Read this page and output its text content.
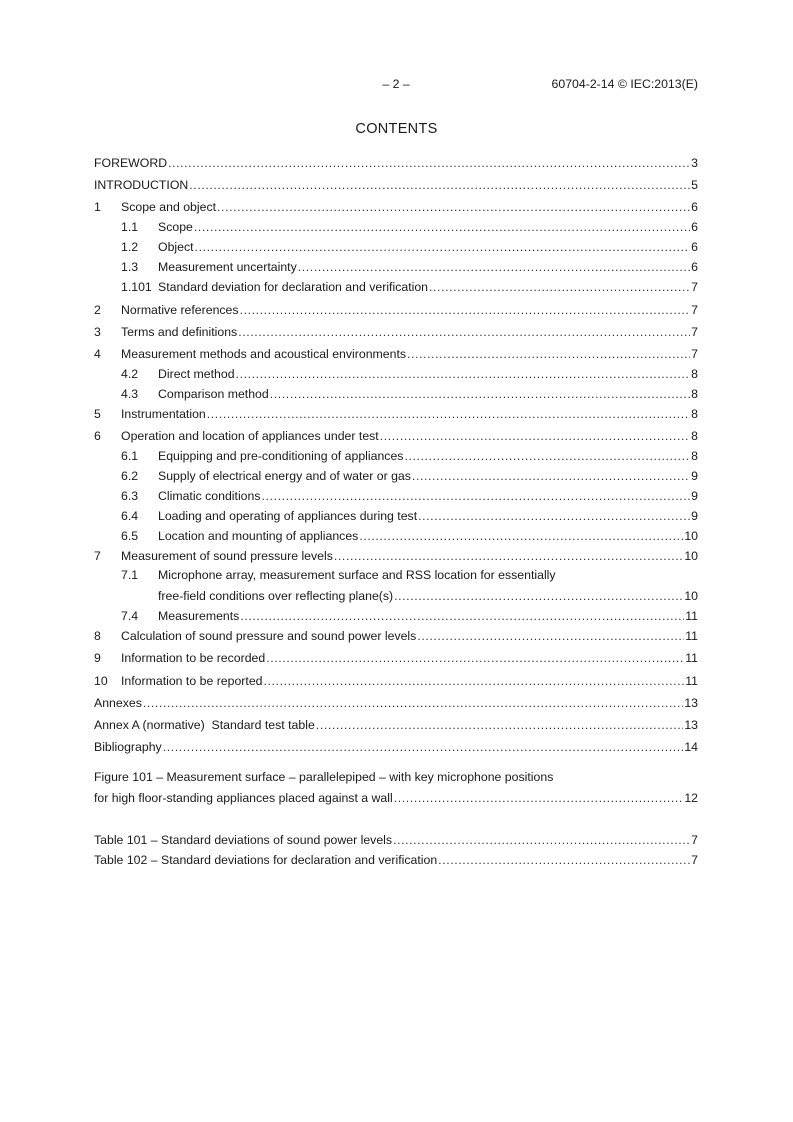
– 2 –	60704-2-14 © IEC:2013(E)
CONTENTS
FOREWORD .....	3
INTRODUCTION .....	5
1	Scope and object .....	6
1.1	Scope .....	6
1.2	Object .....	6
1.3	Measurement uncertainty .....	6
1.101 Standard deviation for declaration and verification .....	7
2	Normative references .....	7
3	Terms and definitions .....	7
4	Measurement methods and acoustical environments .....	7
4.2	Direct method .....	8
4.3	Comparison method .....	8
5	Instrumentation .....	8
6	Operation and location of appliances under test .....	8
6.1	Equipping and pre-conditioning of appliances .....	8
6.2	Supply of electrical energy and of water or gas .....	9
6.3	Climatic conditions .....	9
6.4	Loading and operating of appliances during test .....	9
6.5	Location and mounting of appliances .....	10
7	Measurement of sound pressure levels .....	10
7.1	Microphone array, measurement surface and RSS location for essentially
free-field conditions over reflecting plane(s) .....	10
7.4	Measurements .....	11
8	Calculation of sound pressure and sound power levels .....	11
9	Information to be recorded .....	11
10	Information to be reported .....	11
Annexes .....	13
Annex A (normative)  Standard test table .....	13
Bibliography .....	14
Figure 101 – Measurement surface – parallelepiped – with key microphone positions
for high floor-standing appliances placed against a wall .....	12
Table 101 – Standard deviations of sound power levels .....	7
Table 102 – Standard deviations for declaration and verification .....	7
